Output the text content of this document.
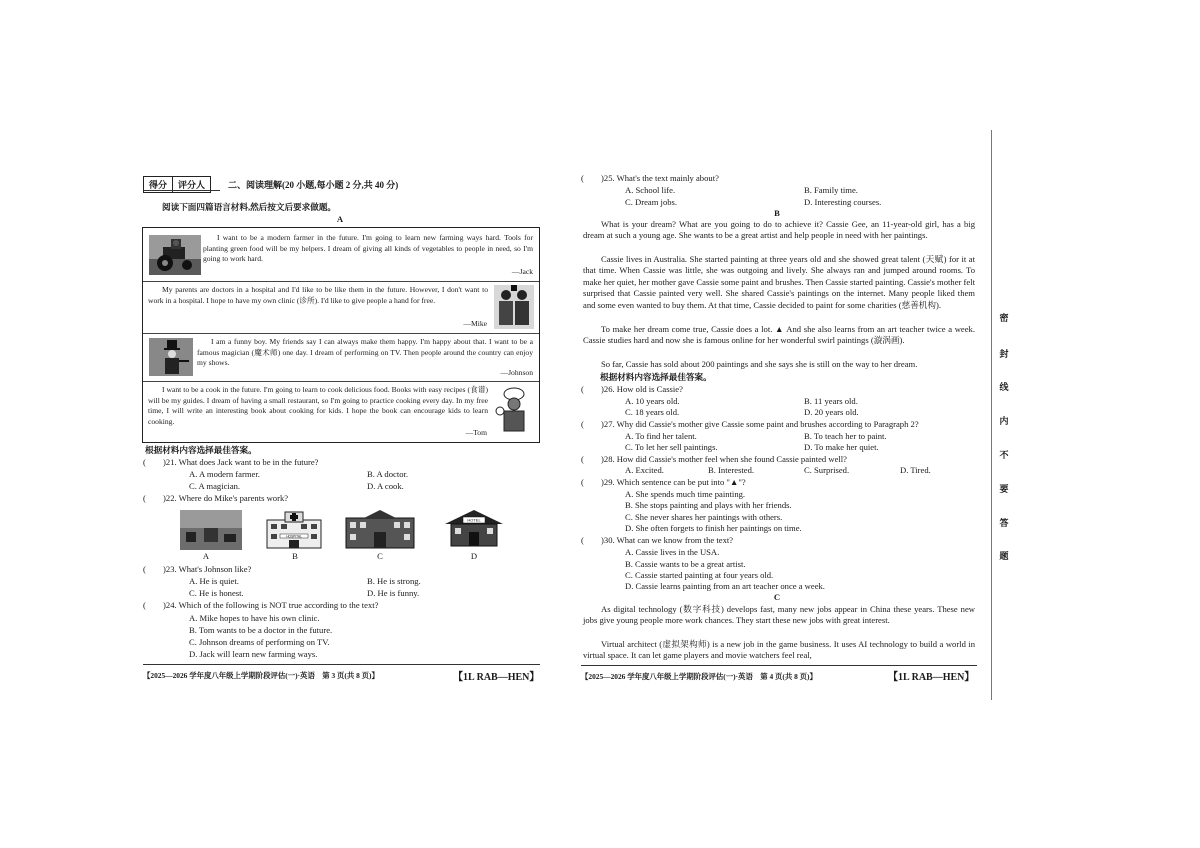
得分	评分人	二、阅读理解(20 小题,每小题 2 分,共 40 分)
阅读下面四篇语言材料,然后按文后要求做题。
A
I want to be a modern farmer in the future. I'm going to learn new farming ways hard. Tools for planting green food will be my helpers. I dream of giving all kinds of vegetables to people in need, so I'm going to work hard.
—Jack
My parents are doctors in a hospital and I'd like to be like them in the future. However, I don't want to work in a hospital. I hope to have my own clinic (诊所). I'd like to give people a hand for free.
—Mike
I am a funny boy. My friends say I can always make them happy. I'm happy about that. I want to be a famous magician (魔术师) one day. I dream of performing on TV. Then people around the country can enjoy my shows.
—Johnson
I want to be a cook in the future. I'm going to learn to cook delicious food. Books with easy recipes (食谱) will be my guides. I dream of having a small restaurant, so I'm going to practice cooking every day. In my free time, I will write an interesting book about cooking for kids. I hope the book can encourage kids to learn cooking.
—Tom
根据材料内容选择最佳答案。
(　　)21. What does Jack want to be in the future?
A. A modern farmer.	B. A doctor.
C. A magician.	D. A cook.
(　　)22. Where do Mike's parents work?
HOSPITAL
HOTEL
A	B	C	D
(　　)23. What's Johnson like?
A. He is quiet.	B. He is strong.
C. He is honest.	D. He is funny.
(　　)24. Which of the following is NOT true according to the text?
A. Mike hopes to have his own clinic.
B. Tom wants to be a doctor in the future.
C. Johnson dreams of performing on TV.
D. Jack will learn new farming ways.
【2025—2026 学年度八年级上学期阶段评估(一)·英语　第 3 页(共 8 页)】	【1L RAB—HEN】
(　　)25. What's the text mainly about?
A. School life.	B. Family time.
C. Dream jobs.	D. Interesting courses.
B
What is your dream? What are you going to do to achieve it? Cassie Gee, an 11-year-old girl, has a big dream at such a young age. She wants to be a great artist and help people in need with her paintings.
Cassie lives in Australia. She started painting at three years old and she showed great talent (天赋) for it at that time. When Cassie was little, she was outgoing and lively. She always ran and jumped around rooms. To make her quiet, her mother gave Cassie some paint and brushes. Then Cassie started painting. Cassie's mother felt surprised that Cassie painted very well. She shared Cassie's paintings on the internet. Many people liked them and some even wanted to buy them. At that time, Cassie decided to paint for some charities (慈善机构).
To make her dream come true, Cassie does a lot. ▲ And she also learns from an art teacher twice a week. Cassie studies hard and now she is famous online for her wonderful swirl paintings (漩涡画).
So far, Cassie has sold about 200 paintings and she says she is still on the way to her dream.
根据材料内容选择最佳答案。
(　　)26. How old is Cassie?
A. 10 years old.	B. 11 years old.
C. 18 years old.	D. 20 years old.
(　　)27. Why did Cassie's mother give Cassie some paint and brushes according to Paragraph 2?
A. To find her talent.	B. To teach her to paint.
C. To let her sell paintings.	D. To make her quiet.
(　　)28. How did Cassie's mother feel when she found Cassie painted well?
A. Excited.	B. Interested.	C. Surprised.	D. Tired.
(　　)29. Which sentence can be put into "▲"?
A. She spends much time painting.
B. She stops painting and plays with her friends.
C. She never shares her paintings with others.
D. She often forgets to finish her paintings on time.
(　　)30. What can we know from the text?
A. Cassie lives in the USA.
B. Cassie wants to be a great artist.
C. Cassie started painting at four years old.
D. Cassie learns painting from an art teacher once a week.
C
As digital technology (数字科技) develops fast, many new jobs appear in China these years. These new jobs give young people more work chances. They start these new jobs with great interest.
Virtual architect (虚拟架构师) is a new job in the game business. It uses AI technology to build a world in virtual space. It can let game players and movie watchers feel real,
【2025—2026 学年度八年级上学期阶段评估(一)·英语　第 4 页(共 8 页)】	【1L RAB—HEN】
密
封
线
内
不
要
答
题
